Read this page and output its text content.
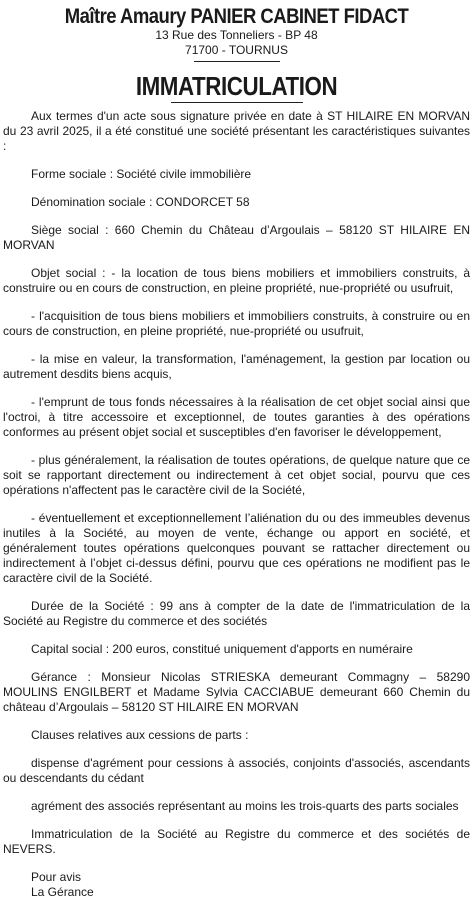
Maître Amaury PANIER CABINET FIDACT
13 Rue des Tonneliers - BP 48
71700 - TOURNUS
IMMATRICULATION

Aux termes d'un acte sous signature privée en date à ST HILAIRE EN MORVAN du 23 avril 2025, il a été constitué une société présentant les caractéristiques suivantes :

Forme sociale : Société civile immobilière

Dénomination sociale : CONDORCET 58

Siège social : 660 Chemin du Château d’Argoulais – 58120 ST HILAIRE EN MORVAN

Objet social : - la location de tous biens mobiliers et immobiliers construits, à construire ou en cours de construction, en pleine propriété, nue-propriété ou usufruit,

- l'acquisition de tous biens mobiliers et immobiliers construits, à construire ou en cours de construction, en pleine propriété, nue-propriété ou usufruit,

- la mise en valeur, la transformation, l'aménagement, la gestion par location ou autrement desdits biens acquis,

- l'emprunt de tous fonds nécessaires à la réalisation de cet objet social ainsi que l'octroi, à titre accessoire et exceptionnel, de toutes garanties à des opérations conformes au présent objet social et susceptibles d'en favoriser le développement,

- plus généralement, la réalisation de toutes opérations, de quelque nature que ce soit se rapportant directement ou indirectement à cet objet social, pourvu que ces opérations n'affectent pas le caractère civil de la Société,

- éventuellement et exceptionnellement l’aliénation du ou des immeubles devenus inutiles à la Société, au moyen de vente, échange ou apport en société, et généralement toutes opérations quelconques pouvant se rattacher directement ou indirectement à l’objet ci-dessus défini, pourvu que ces opérations ne modifient pas le caractère civil de la Société.

Durée de la Société : 99 ans à compter de la date de l'immatriculation de la Société au Registre du commerce et des sociétés

Capital social : 200 euros, constitué uniquement d'apports en numéraire

Gérance : Monsieur Nicolas STRIESKA demeurant Commagny – 58290 MOULINS ENGILBERT et Madame Sylvia CACCIABUE demeurant 660 Chemin du château d’Argoulais – 58120 ST HILAIRE EN MORVAN

Clauses relatives aux cessions de parts :

dispense d'agrément pour cessions à associés, conjoints d'associés, ascendants ou descendants du cédant

agrément des associés représentant au moins les trois-quarts des parts sociales

Immatriculation de la Société au Registre du commerce et des sociétés de NEVERS.

Pour avis
La Gérance
